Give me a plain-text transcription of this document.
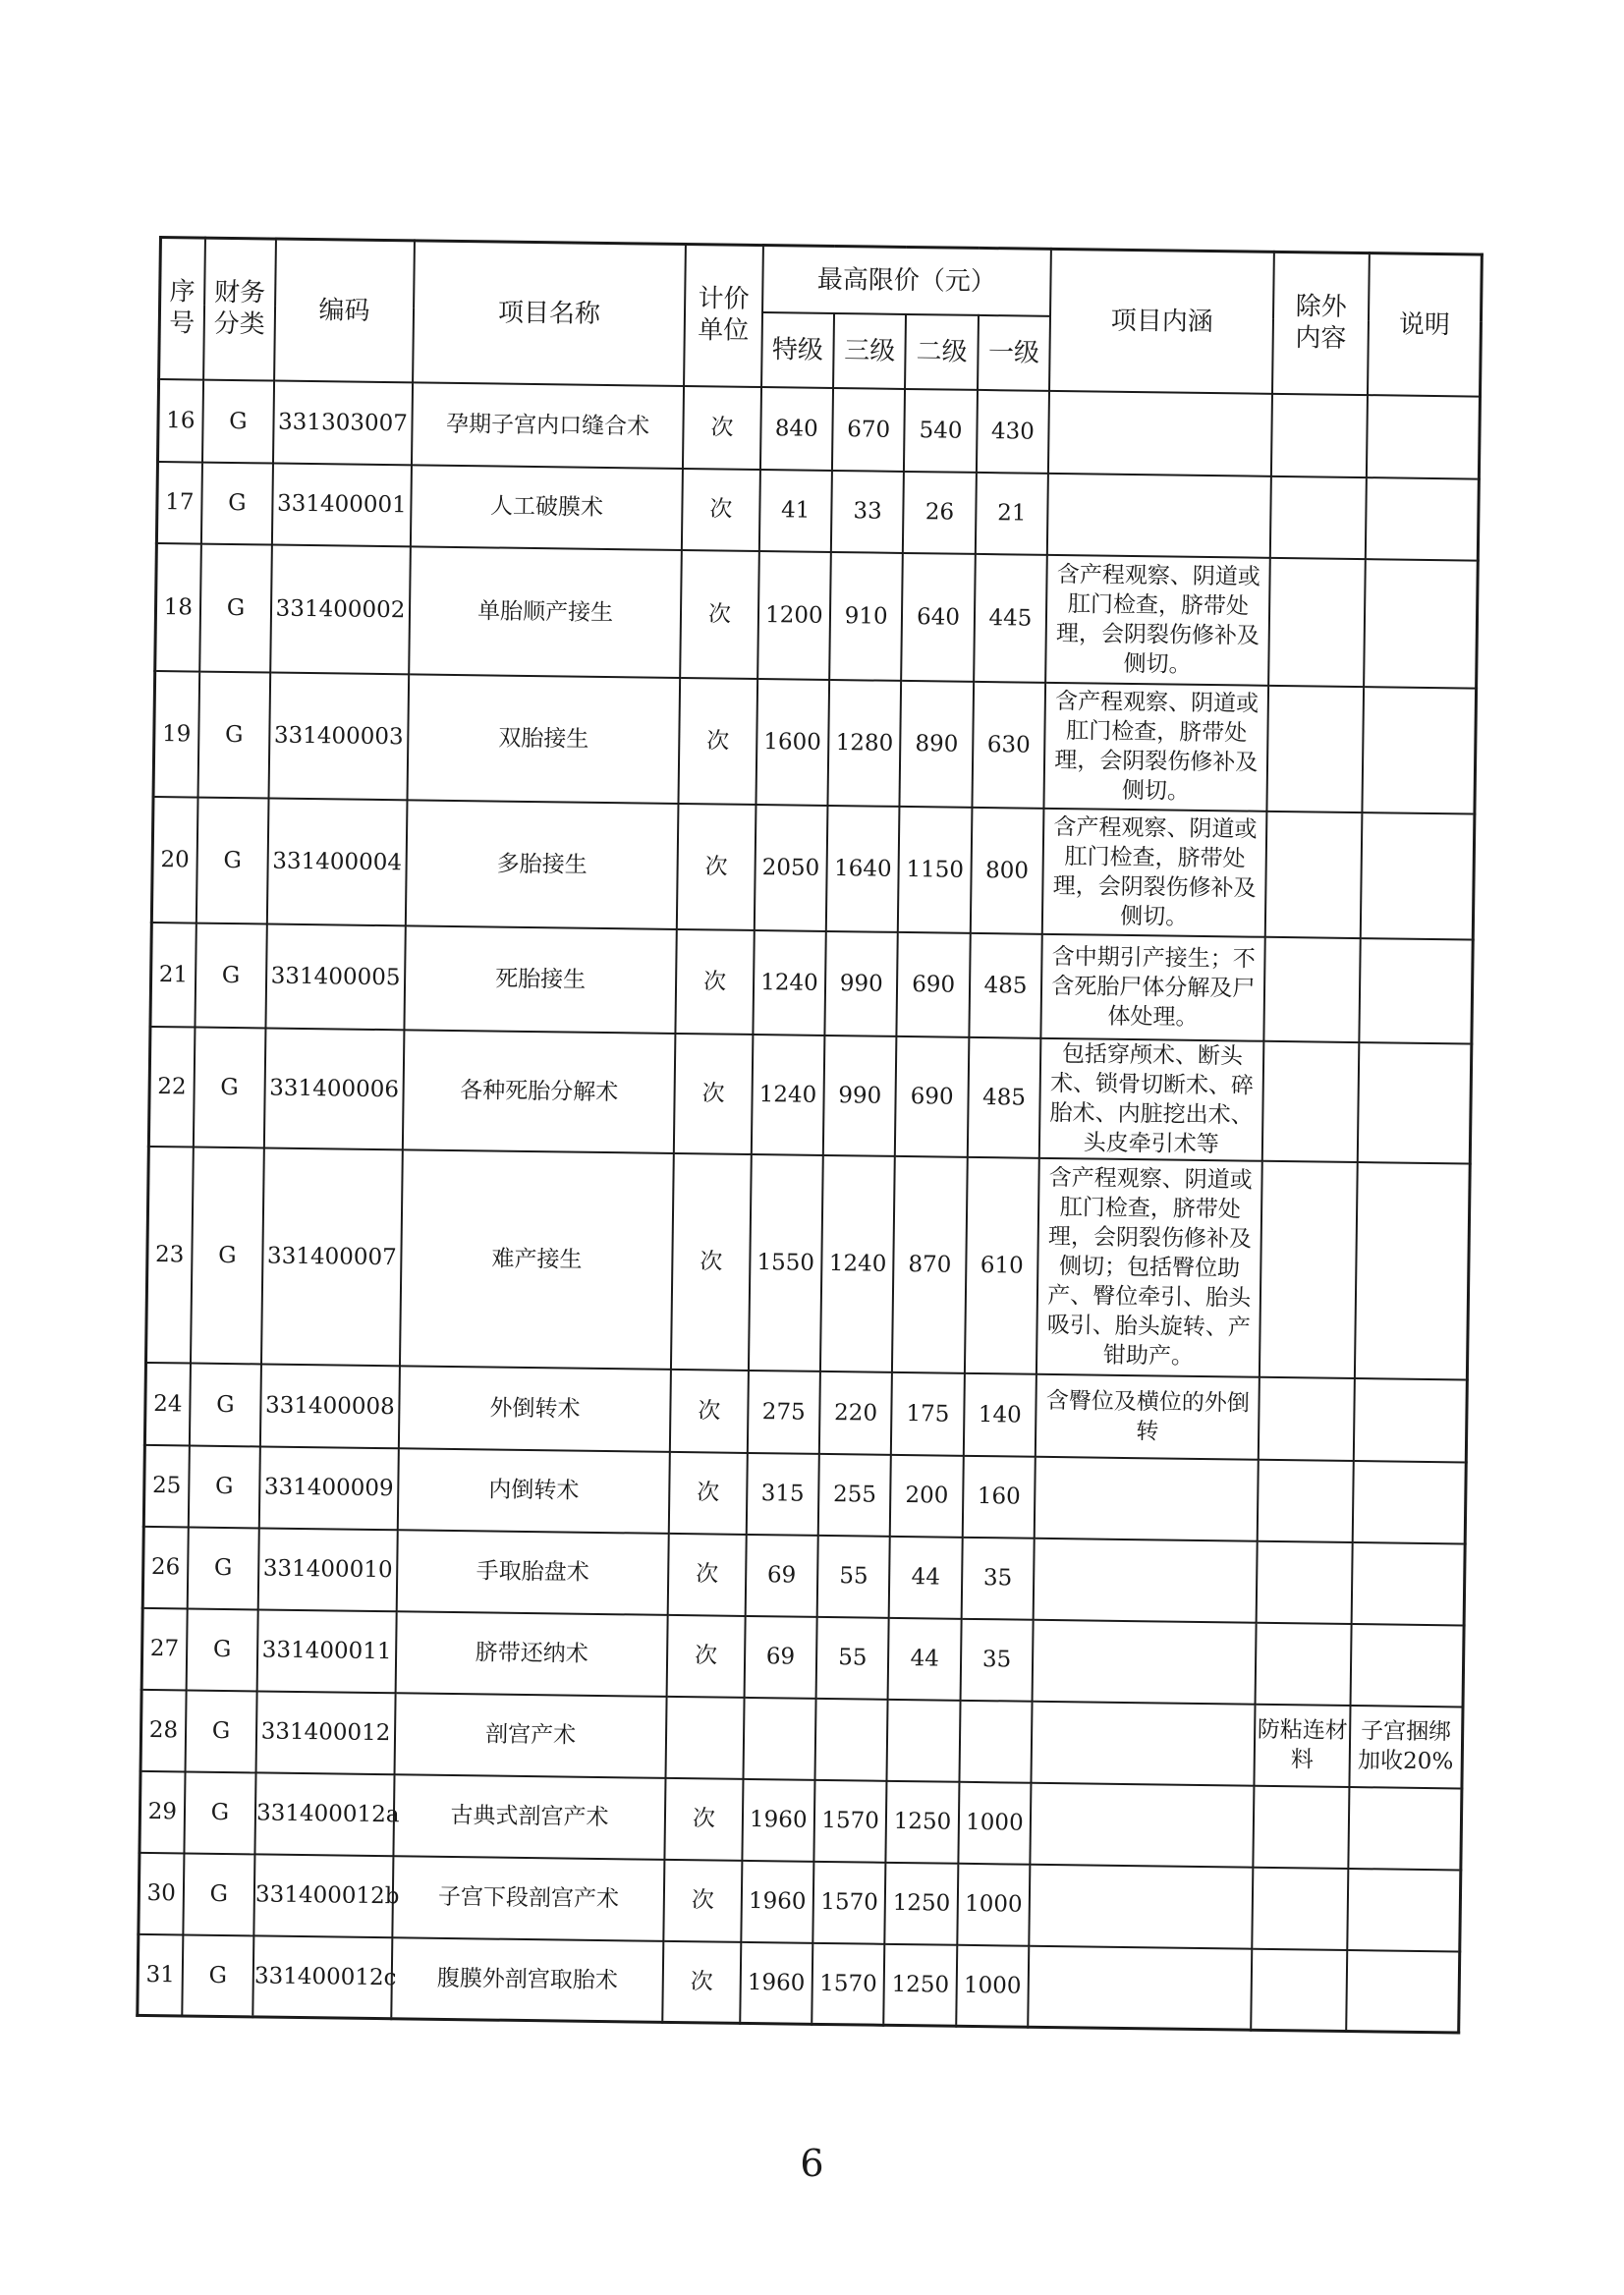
序号	财务分类	编码	项目名称	计价单位	最高限价（元）				项目内涵	除外内容	说明
					特级	三级	二级	一级			
16	G	331303007	孕期子宫内口缝合术	次	840	670	540	430			
17	G	331400001	人工破膜术	次	41	33	26	21			
18	G	331400002	单胎顺产接生	次	1200	910	640	445	含产程观察、阴道或肛门检查，脐带处理，会阴裂伤修补及侧切。		
19	G	331400003	双胎接生	次	1600	1280	890	630	含产程观察、阴道或肛门检查，脐带处理，会阴裂伤修补及侧切。		
20	G	331400004	多胎接生	次	2050	1640	1150	800	含产程观察、阴道或肛门检查，脐带处理，会阴裂伤修补及侧切。		
21	G	331400005	死胎接生	次	1240	990	690	485	含中期引产接生；不含死胎尸体分解及尸体处理。		
22	G	331400006	各种死胎分解术	次	1240	990	690	485	包括穿颅术、断头术、锁骨切断术、碎胎术、内脏挖出术、头皮牵引术等		
23	G	331400007	难产接生	次	1550	1240	870	610	含产程观察、阴道或肛门检查，脐带处理，会阴裂伤修补及侧切；包括臀位助产、臀位牵引、胎头吸引、胎头旋转、产钳助产。		
24	G	331400008	外倒转术	次	275	220	175	140	含臀位及横位的外倒转		
25	G	331400009	内倒转术	次	315	255	200	160			
26	G	331400010	手取胎盘术	次	69	55	44	35			
27	G	331400011	脐带还纳术	次	69	55	44	35			
28	G	331400012	剖宫产术							防粘连材料	子宫捆绑加收20%
29	G	331400012a	古典式剖宫产术	次	1960	1570	1250	1000			
30	G	331400012b	子宫下段剖宫产术	次	1960	1570	1250	1000			
31	G	331400012c	腹膜外剖宫取胎术	次	1960	1570	1250	1000			
6
